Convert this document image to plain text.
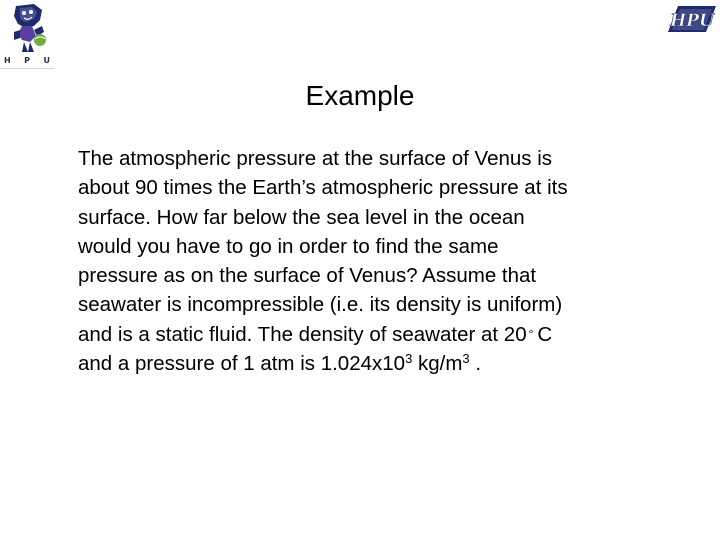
H P U
HPU
Example
The atmospheric pressure at the surface of Venus is
about 90 times the Earth’s atmospheric pressure at its
surface. How far below the sea level in the ocean
would you have to go in order to find the same
pressure as on the surface of Venus? Assume that
seawater is incompressible (i.e. its density is uniform)
and is a static fluid. The density of seawater at 20 ° C
and a pressure of 1 atm is $1.024x10^3$ $kg/m^3$ .
